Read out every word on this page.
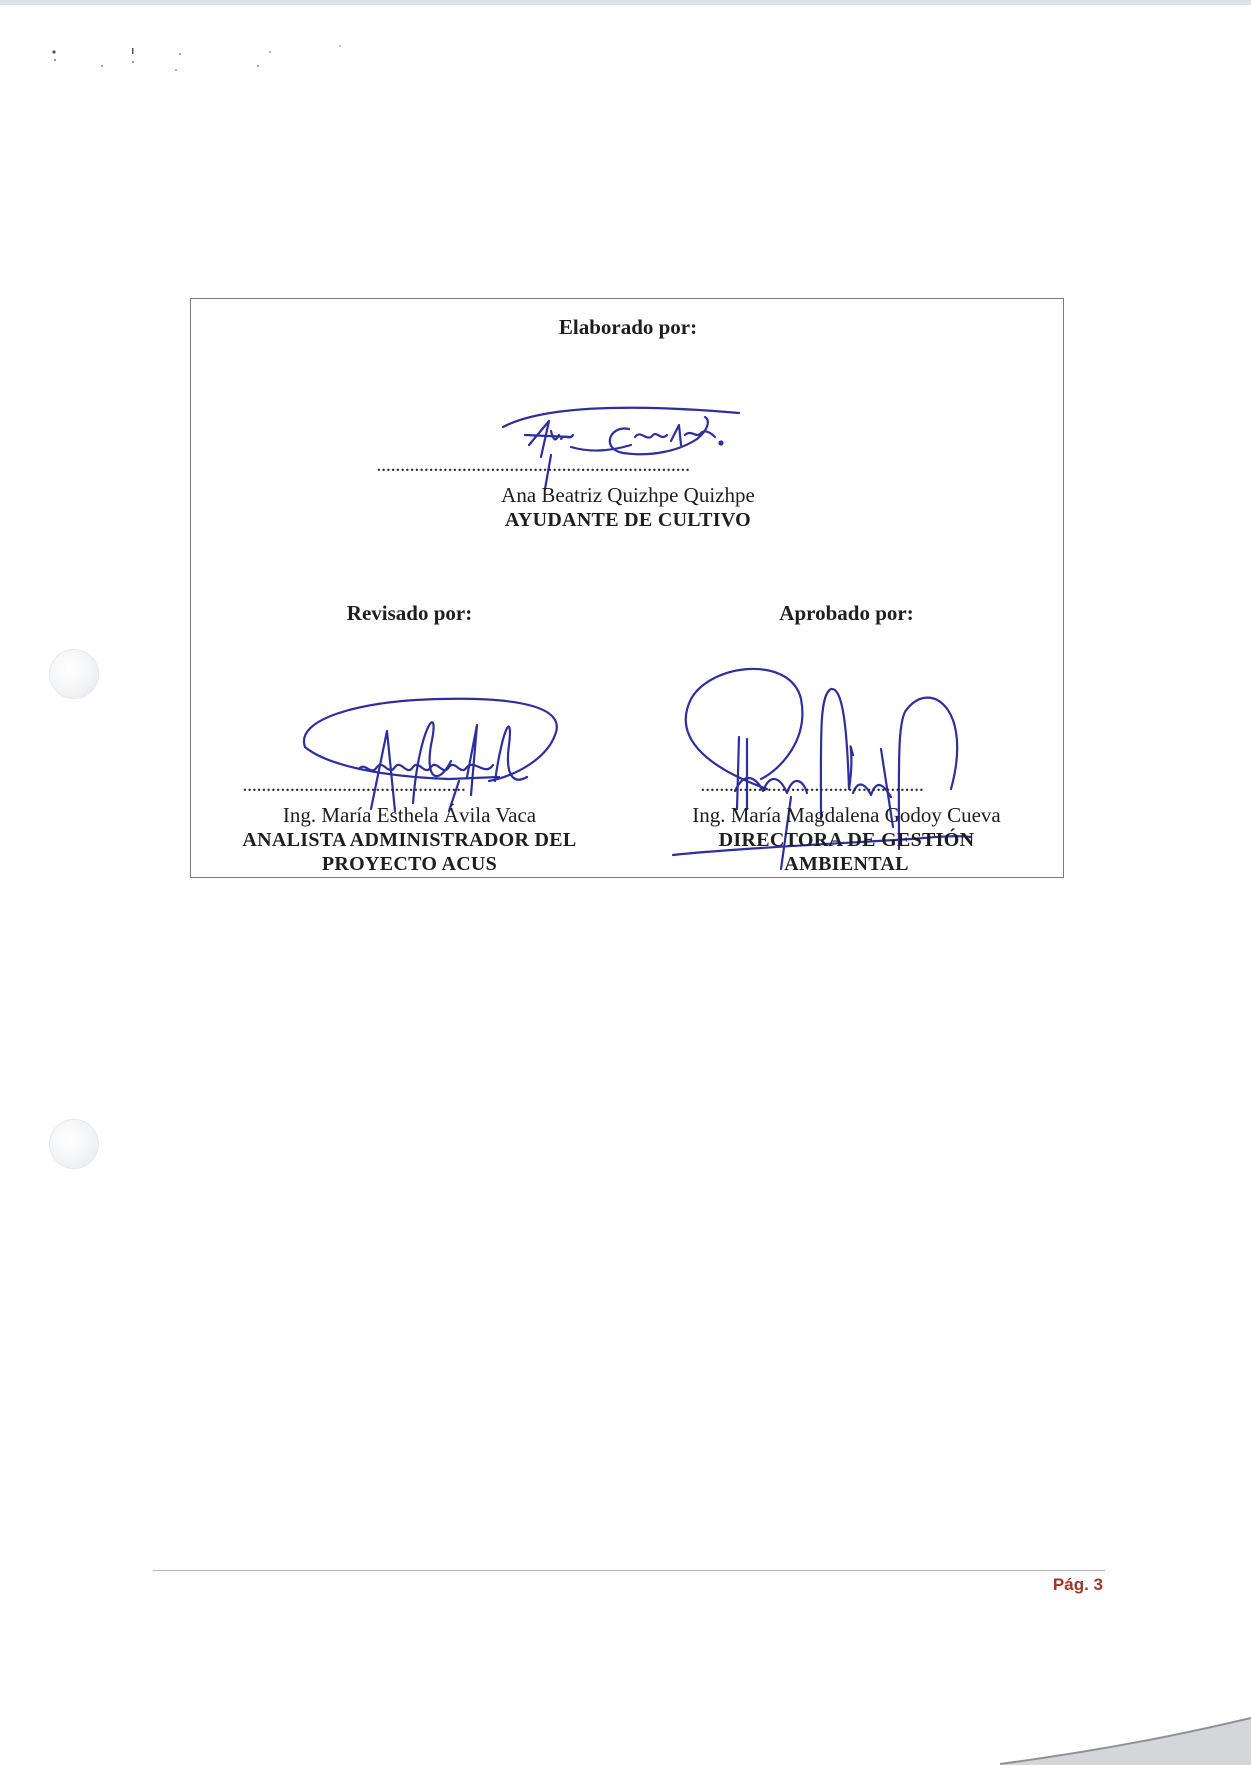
Elaborado por:
..................................................................
Ana Beatriz Quizhpe Quizhpe
AYUDANTE DE CULTIVO
Revisado por:
...............................................
Ing. María Esthela Ávila Vaca
ANALISTA ADMINISTRADOR DEL
PROYECTO ACUS
Aprobado por:
...............................................
Ing. María Magdalena Godoy Cueva
DIRECTORA DE GESTIÓN
AMBIENTAL
Pág. 3
